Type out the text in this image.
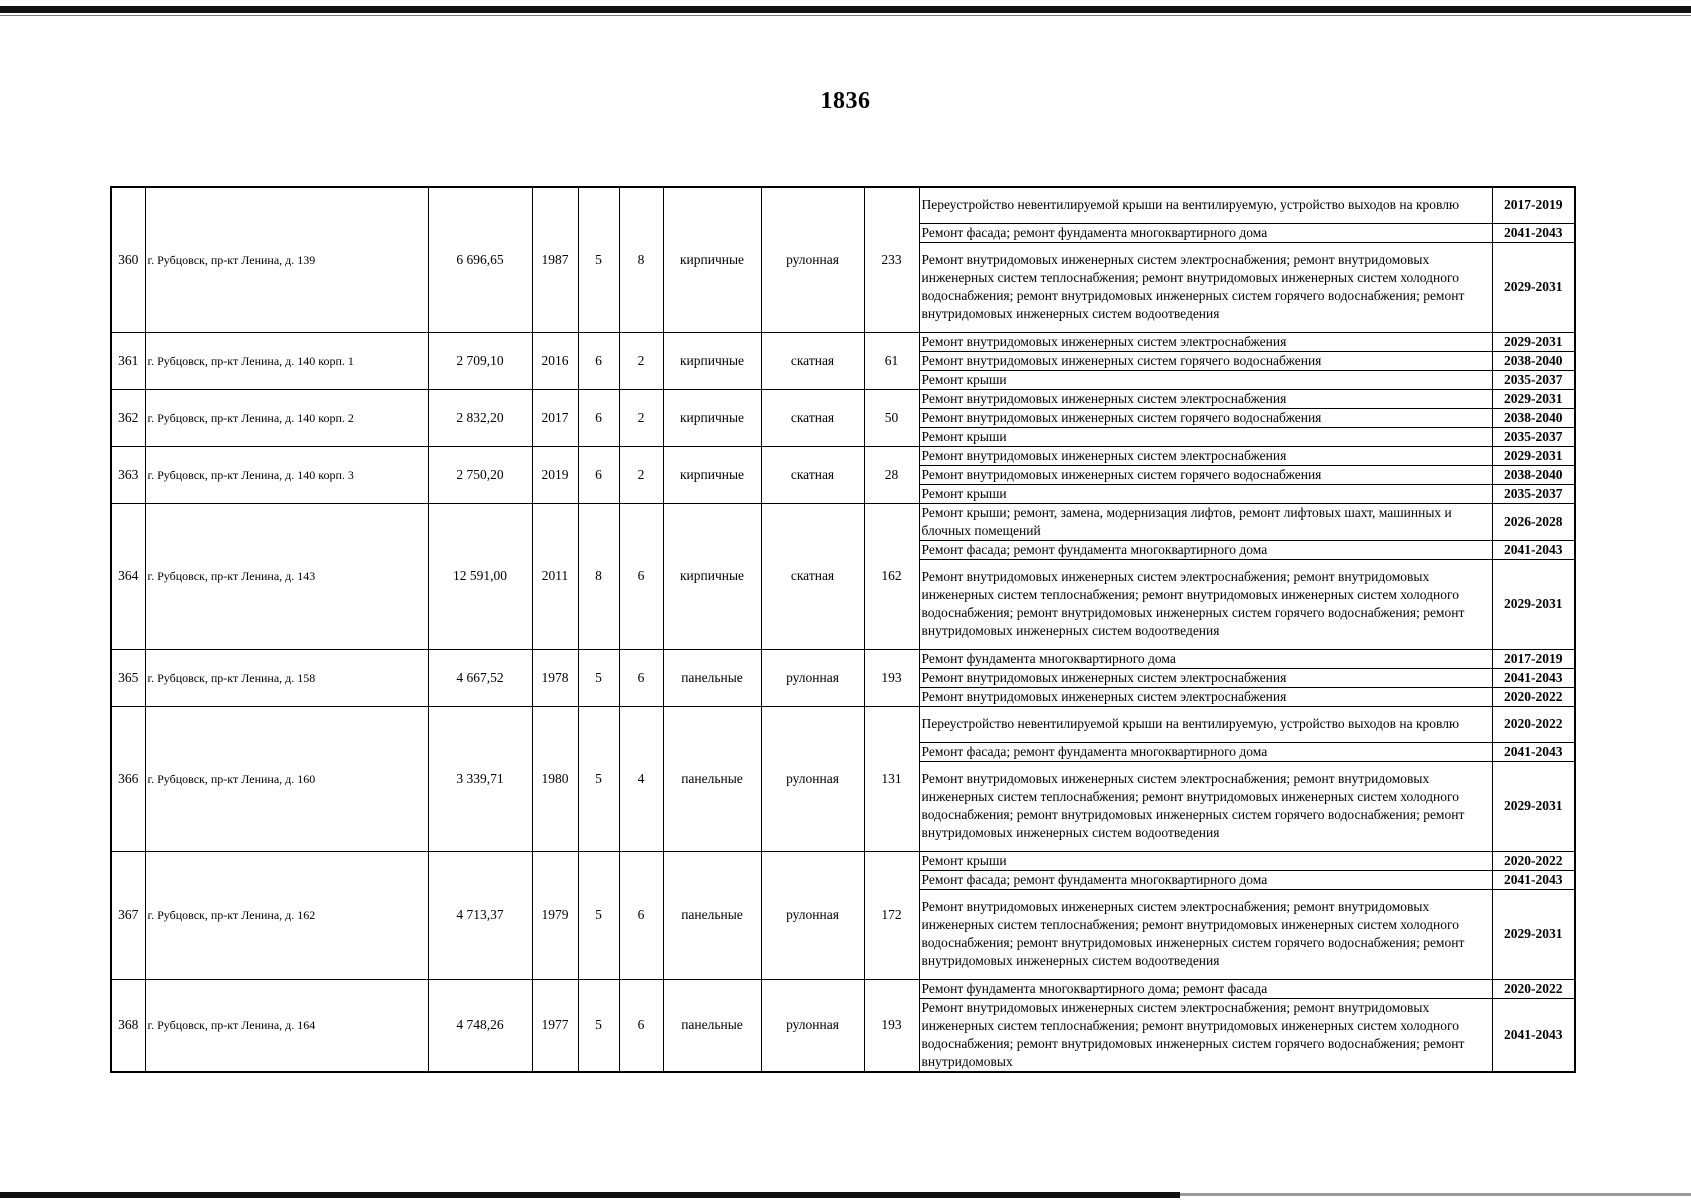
1836
360	г. Рубцовск, пр-кт Ленина, д. 139	6 696,65	1987	5	8	кирпичные	рулонная	233	Переустройство невентилируемой крыши на вентилируемую, устройство выходов на кровлю	2017-2019
									Ремонт фасада; ремонт фундамента многоквартирного дома	2041-2043
									Ремонт внутридомовых инженерных систем электроснабжения; ремонт внутридомовых инженерных систем теплоснабжения; ремонт внутридомовых инженерных систем холодного водоснабжения; ремонт внутридомовых инженерных систем горячего водоснабжения; ремонт внутридомовых инженерных систем водоотведения	2029-2031
361	г. Рубцовск, пр-кт Ленина, д. 140 корп. 1	2 709,10	2016	6	2	кирпичные	скатная	61	Ремонт внутридомовых инженерных систем электроснабжения	2029-2031
									Ремонт внутридомовых инженерных систем горячего водоснабжения	2038-2040
									Ремонт крыши	2035-2037
362	г. Рубцовск, пр-кт Ленина, д. 140 корп. 2	2 832,20	2017	6	2	кирпичные	скатная	50	Ремонт внутридомовых инженерных систем электроснабжения	2029-2031
									Ремонт внутридомовых инженерных систем горячего водоснабжения	2038-2040
									Ремонт крыши	2035-2037
363	г. Рубцовск, пр-кт Ленина, д. 140 корп. 3	2 750,20	2019	6	2	кирпичные	скатная	28	Ремонт внутридомовых инженерных систем электроснабжения	2029-2031
									Ремонт внутридомовых инженерных систем горячего водоснабжения	2038-2040
									Ремонт крыши	2035-2037
364	г. Рубцовск, пр-кт Ленина, д. 143	12 591,00	2011	8	6	кирпичные	скатная	162	Ремонт крыши; ремонт, замена, модернизация лифтов, ремонт лифтовых шахт, машинных и блочных помещений	2026-2028
									Ремонт фасада; ремонт фундамента многоквартирного дома	2041-2043
									Ремонт внутридомовых инженерных систем электроснабжения; ремонт внутридомовых инженерных систем теплоснабжения; ремонт внутридомовых инженерных систем холодного водоснабжения; ремонт внутридомовых инженерных систем горячего водоснабжения; ремонт внутридомовых инженерных систем водоотведения	2029-2031
365	г. Рубцовск, пр-кт Ленина, д. 158	4 667,52	1978	5	6	панельные	рулонная	193	Ремонт фундамента многоквартирного дома	2017-2019
									Ремонт внутридомовых инженерных систем электроснабжения	2041-2043
									Ремонт внутридомовых инженерных систем электроснабжения	2020-2022
366	г. Рубцовск, пр-кт Ленина, д. 160	3 339,71	1980	5	4	панельные	рулонная	131	Переустройство невентилируемой крыши на вентилируемую, устройство выходов на кровлю	2020-2022
									Ремонт фасада; ремонт фундамента многоквартирного дома	2041-2043
									Ремонт внутридомовых инженерных систем электроснабжения; ремонт внутридомовых инженерных систем теплоснабжения; ремонт внутридомовых инженерных систем холодного водоснабжения; ремонт внутридомовых инженерных систем горячего водоснабжения; ремонт внутридомовых инженерных систем водоотведения	2029-2031
367	г. Рубцовск, пр-кт Ленина, д. 162	4 713,37	1979	5	6	панельные	рулонная	172	Ремонт крыши	2020-2022
									Ремонт фасада; ремонт фундамента многоквартирного дома	2041-2043
									Ремонт внутридомовых инженерных систем электроснабжения; ремонт внутридомовых инженерных систем теплоснабжения; ремонт внутридомовых инженерных систем холодного водоснабжения; ремонт внутридомовых инженерных систем горячего водоснабжения; ремонт внутридомовых инженерных систем водоотведения	2029-2031
368	г. Рубцовск, пр-кт Ленина, д. 164	4 748,26	1977	5	6	панельные	рулонная	193	Ремонт фундамента многоквартирного дома; ремонт фасада	2020-2022
									Ремонт внутридомовых инженерных систем электроснабжения; ремонт внутридомовых инженерных систем теплоснабжения; ремонт внутридомовых инженерных систем холодного водоснабжения; ремонт внутридомовых инженерных систем горячего водоснабжения; ремонт внутридомовых	2041-2043
